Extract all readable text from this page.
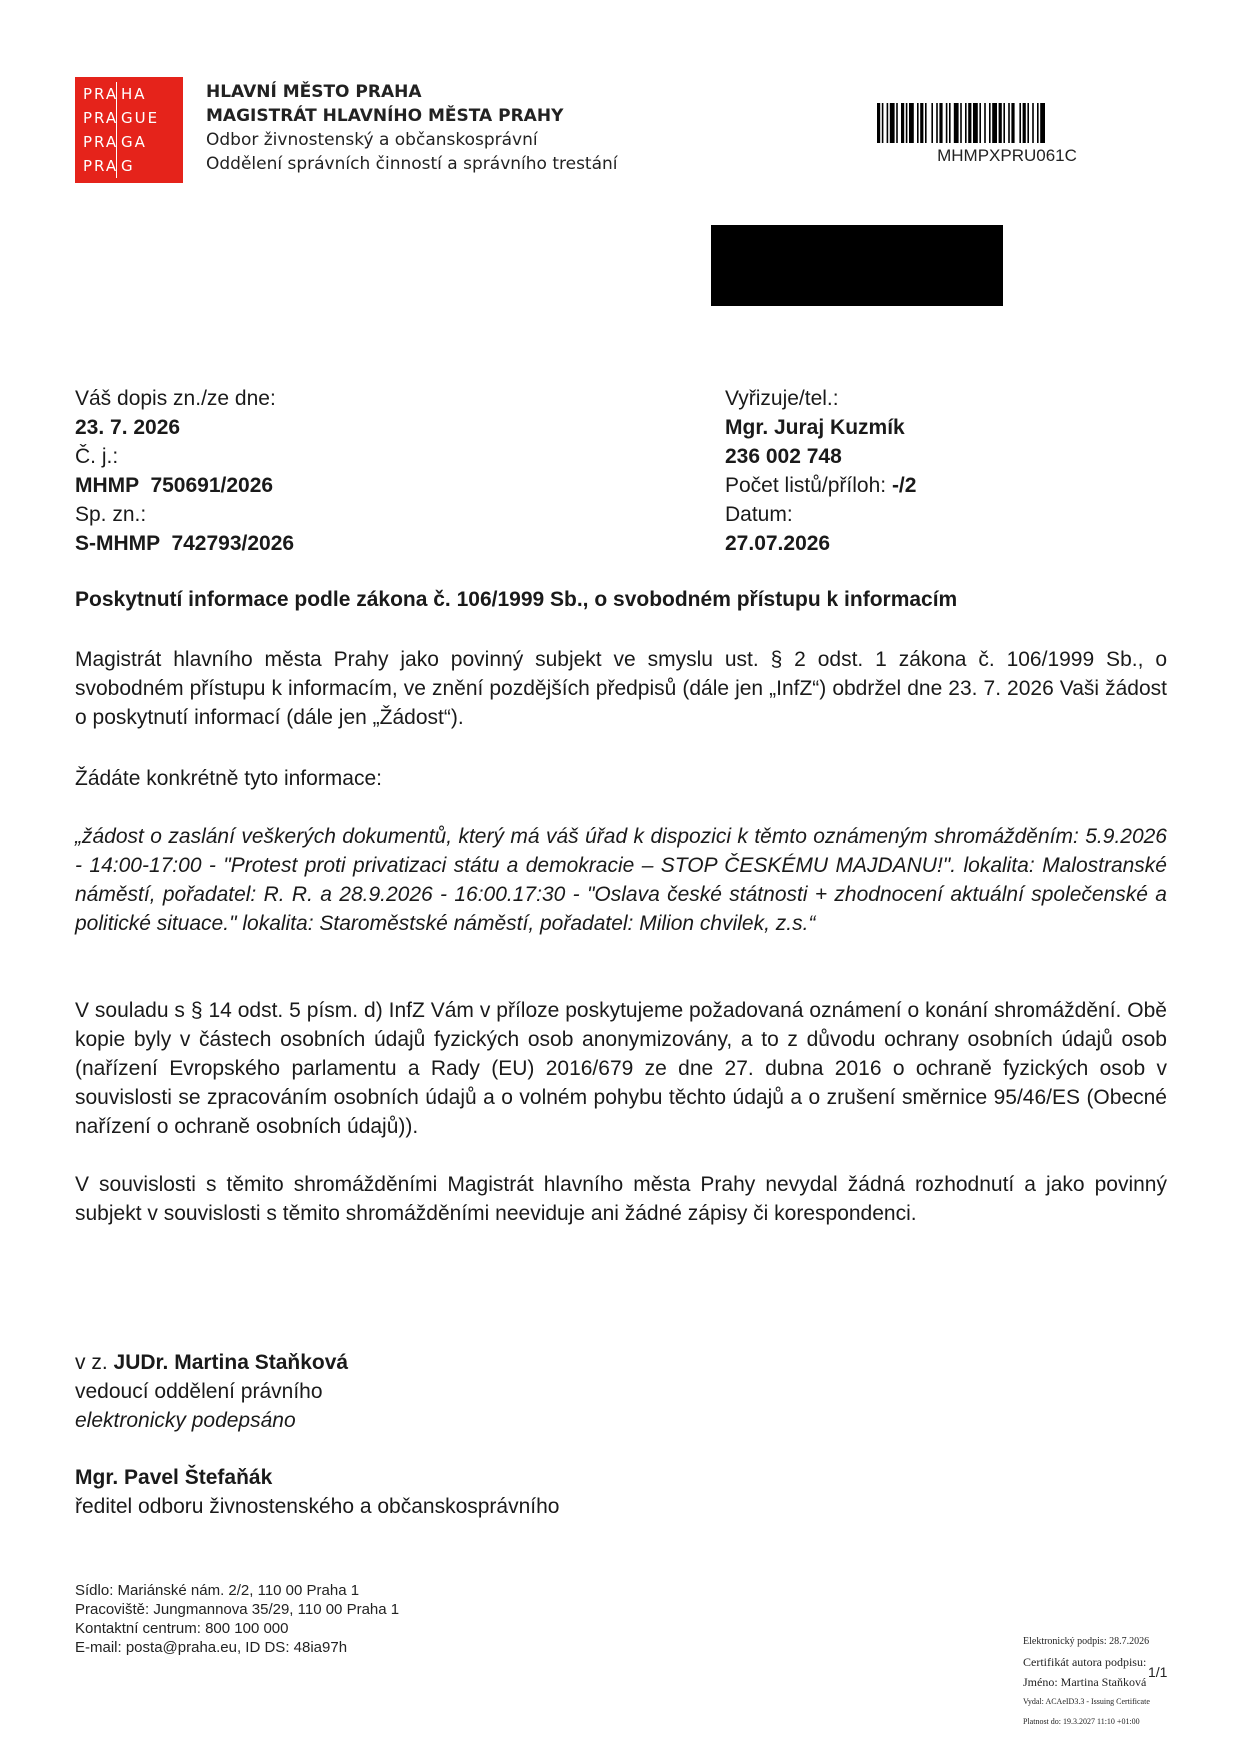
PRA HA
PRA GUE
PRA GA
PRA G
HLAVNÍ MĚSTO PRAHA
MAGISTRÁT HLAVNÍHO MĚSTA PRAHY
Odbor živnostenský a občanskosprávní
Oddělení správních činností a správního trestání	MHMPXPRU061C
Váš dopis zn./ze dne:
23. 7. 2026
Č. j.:
MHMP  750691/2026
Sp. zn.:
S-MHMP  742793/2026
Vyřizuje/tel.:
Mgr. Juraj Kuzmík
236 002 748
Počet listů/příloh: -/2
Datum:
27.07.2026
Poskytnutí informace podle zákona č. 106/1999 Sb., o svobodném přístupu k informacím
Magistrát hlavního města Prahy jako povinný subjekt ve smyslu ust. § 2 odst. 1 zákona č. 106/1999 Sb., o svobodném přístupu k informacím, ve znění pozdějších předpisů (dále jen „InfZ“) obdržel dne 23. 7. 2026 Vaši žádost o poskytnutí informací (dále jen „Žádost“).
Žádáte konkrétně tyto informace:
„žádost o zaslání veškerých dokumentů, který má váš úřad k dispozici k těmto oznámeným shromážděním: 5.9.2026 - 14:00-17:00 - "Protest proti privatizaci státu a demokracie – STOP ČESKÉMU MAJDANU!". lokalita: Malostranské náměstí, pořadatel: R. R. a 28.9.2026 - 16:00.17:30 - "Oslava české státnosti + zhodnocení aktuální společenské a politické situace." lokalita: Staroměstské náměstí, pořadatel: Milion chvilek, z.s.“
V souladu s § 14 odst. 5 písm. d) InfZ Vám v příloze poskytujeme požadovaná oznámení o konání shromáždění. Obě kopie byly v částech osobních údajů fyzických osob anonymizovány, a to z důvodu ochrany osobních údajů osob (nařízení Evropského parlamentu a Rady (EU) 2016/679 ze dne 27. dubna 2016 o ochraně fyzických osob v souvislosti se zpracováním osobních údajů a o volném pohybu těchto údajů a o zrušení směrnice 95/46/ES (Obecné nařízení o ochraně osobních údajů)).
V souvislosti s těmito shromážděními Magistrát hlavního města Prahy nevydal žádná rozhodnutí a jako povinný subjekt v souvislosti s těmito shromážděními neeviduje ani žádné zápisy či korespondenci.
v z. JUDr. Martina Staňková
vedoucí oddělení právního
elektronicky podepsáno
Mgr. Pavel Štefaňák
ředitel odboru živnostenského a občanskosprávního
Sídlo: Mariánské nám. 2/2, 110 00 Praha 1
Pracoviště: Jungmannova 35/29, 110 00 Praha 1
Kontaktní centrum: 800 100 000
E-mail: posta@praha.eu, ID DS: 48ia97h	Elektronický podpis: 28.7.2026
Certifikát autora podpisu:
Jméno: Martina Staňková
Vydal: ACAeID3.3 - Issuing Certificate
Platnost do: 19.3.2027 11:10 +01:00
1/1
